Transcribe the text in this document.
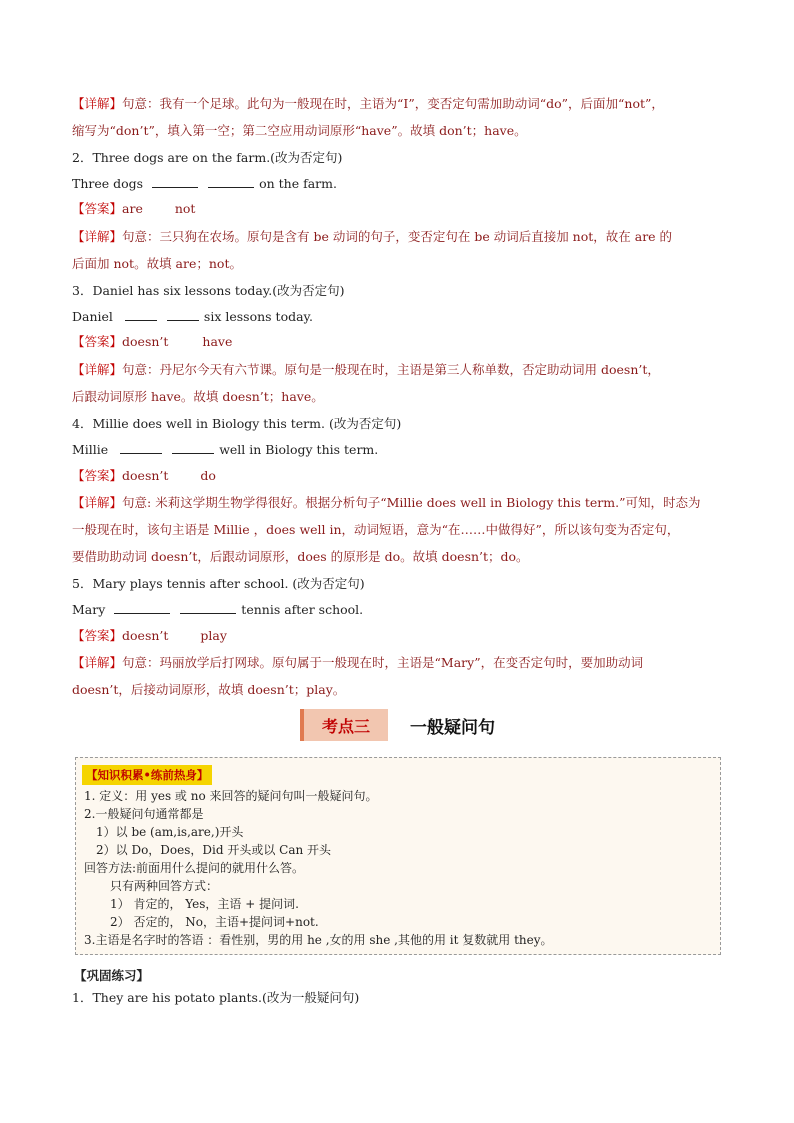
【详解】句意：我有一个足球。此句为一般现在时，主语为“I”，变否定句需加助动词“do”，后面加“not”，
缩写为“don’t”，填入第一空；第二空应用动词原形“have”。故填 don’t；have。
2．Three dogs are on the farm.(改为否定句)
Three dogs	on the farm.
【答案】are	not
【详解】句意：三只狗在农场。原句是含有 be 动词的句子，变否定句在 be 动词后直接加 not，故在 are 的
后面加 not。故填 are；not。
3．Daniel has six lessons today.(改为否定句)
Daniel	six lessons today.
【答案】doesn’t	have
【详解】句意：丹尼尔今天有六节课。原句是一般现在时，主语是第三人称单数，否定助动词用 doesn’t，
后跟动词原形 have。故填 doesn’t；have。
4．Millie does well in Biology this term. (改为否定句)
Millie	well in Biology this term.
【答案】doesn’t	do
【详解】句意: 米莉这学期生物学得很好。根据分析句子“Millie does well in Biology this term.”可知，时态为
一般现在时，该句主语是 Millie ，does well in，动词短语，意为“在……中做得好”，所以该句变为否定句，
要借助助动词 doesn’t，后跟动词原形，does 的原形是 do。故填 doesn’t；do。
5．Mary plays tennis after school. (改为否定句)
Mary	tennis after school.
【答案】doesn’t	play
【详解】句意：玛丽放学后打网球。原句属于一般现在时，主语是“Mary”，在变否定句时，要加助动词
doesn’t，后接动词原形，故填 doesn’t；play。
考点三	一般疑问句
【知识积累•练前热身】
1. 定义：用 yes 或 no 来回答的疑问句叫一般疑问句。
2.一般疑问句通常都是
1）以 be (am,is,are,)开头
2）以 Do，Does，Did 开头或以 Can 开头
回答方法:前面用什么提问的就用什么答。
只有两种回答方式：
1） 肯定的， Yes，主语 + 提问词.
2） 否定的， No，主语+提问词+not.
3.主语是名字时的答语 ：看性别，男的用 he ,女的用 she ,其他的用 it 复数就用 they。
【巩固练习】
1．They are his potato plants.(改为一般疑问句)
